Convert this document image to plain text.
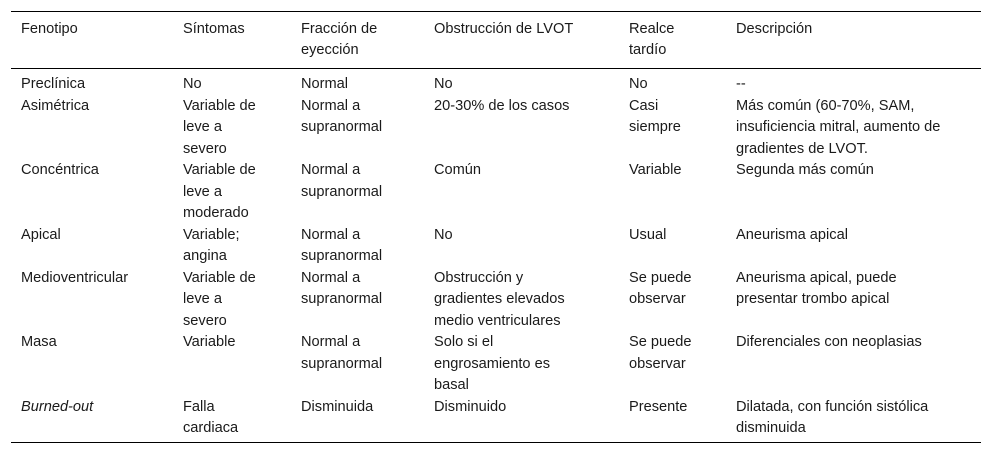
Fenotipo	Síntomas	Fracción de eyección	Obstrucción de LVOT	Realce tardío	Descripción
Preclínica	No	Normal	No	No	--
Asimétrica	Variable de leve a severo	Normal a supranormal	20-30% de los casos	Casi siempre	Más común (60-70%, SAM, insuficiencia mitral, aumento de gradientes de LVOT.
Concéntrica	Variable de leve a moderado	Normal a supranormal	Común	Variable	Segunda más común
Apical	Variable; angina	Normal a supranormal	No	Usual	Aneurisma apical
Medioventricular	Variable de leve a severo	Normal a supranormal	Obstrucción y gradientes elevados medio ventriculares	Se puede observar	Aneurisma apical, puede presentar trombo apical
Masa	Variable	Normal a supranormal	Solo si el engrosamiento es basal	Se puede observar	Diferenciales con neoplasias
Burned-out	Falla cardiaca	Disminuida	Disminuido	Presente	Dilatada, con función sistólica disminuida
